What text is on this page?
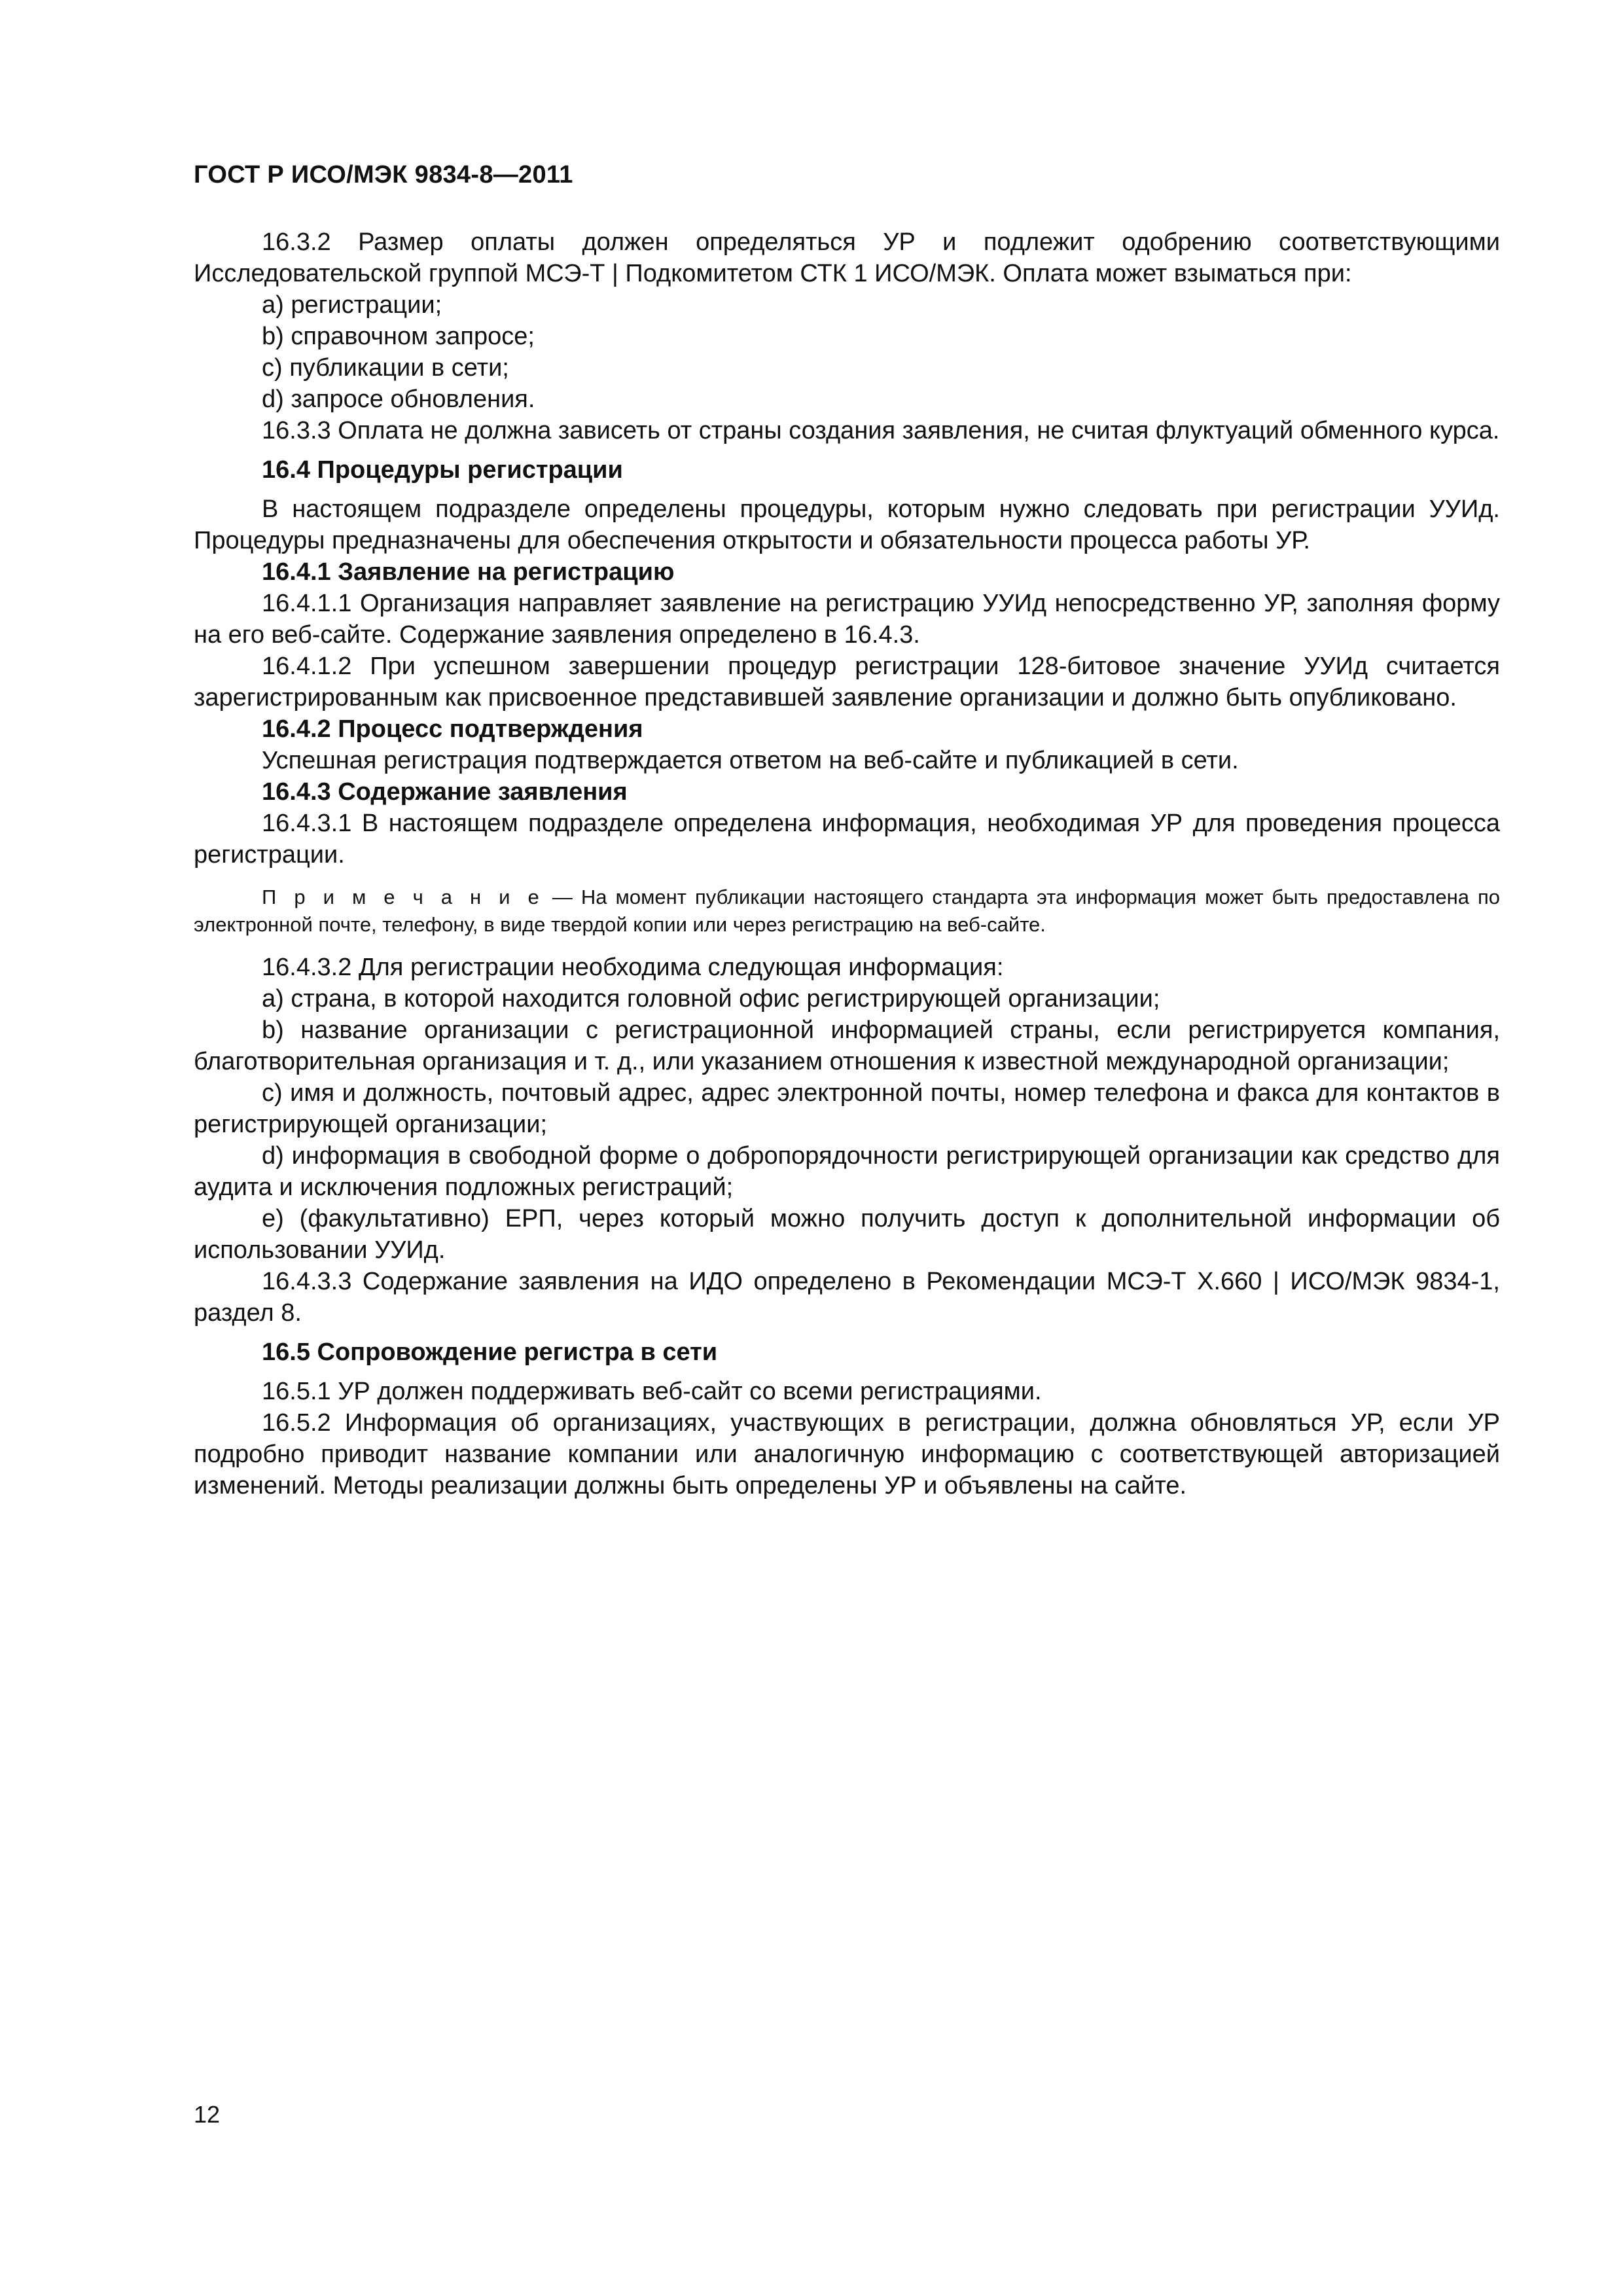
ГОСТ Р ИСО/МЭК 9834-8—2011

16.3.2 Размер оплаты должен определяться УР и подлежит одобрению соответствующими Исследовательской группой МСЭ-Т | Подкомитетом СТК 1 ИСО/МЭК. Оплата может взыматься при:

a) регистрации;

b) справочном запросе;

c) публикации в сети;

d) запросе обновления.

16.3.3 Оплата не должна зависеть от страны создания заявления, не считая флуктуаций обменного курса.

16.4 Процедуры регистрации

В настоящем подразделе определены процедуры, которым нужно следовать при регистрации УУИд. Процедуры предназначены для обеспечения открытости и обязательности процесса работы УР.

16.4.1 Заявление на регистрацию

16.4.1.1 Организация направляет заявление на регистрацию УУИд непосредственно УР, заполняя форму на его веб-сайте. Содержание заявления определено в 16.4.3.

16.4.1.2 При успешном завершении процедур регистрации 128-битовое значение УУИд считается зарегистрированным как присвоенное представившей заявление организации и должно быть опубликовано.

16.4.2 Процесс подтверждения

Успешная регистрация подтверждается ответом на веб-сайте и публикацией в сети.

16.4.3 Содержание заявления

16.4.3.1 В настоящем подразделе определена информация, необходимая УР для проведения процесса регистрации.

П р и м е ч а н и е — На момент публикации настоящего стандарта эта информация может быть предоставлена по электронной почте, телефону, в виде твердой копии или через регистрацию на веб-сайте.

16.4.3.2 Для регистрации необходима следующая информация:

a) страна, в которой находится головной офис регистрирующей организации;

b) название организации с регистрационной информацией страны, если регистрируется компания, благотворительная организация и т. д., или указанием отношения к известной международной организации;

c) имя и должность, почтовый адрес, адрес электронной почты, номер телефона и факса для контактов в регистрирующей организации;

d) информация в свободной форме о добропорядочности регистрирующей организации как средство для аудита и исключения подложных регистраций;

e) (факультативно) ЕРП, через который можно получить доступ к дополнительной информации об использовании УУИд.

16.4.3.3 Содержание заявления на ИДО определено в Рекомендации МСЭ-Т X.660 | ИСО/МЭК 9834-1, раздел 8.

16.5 Сопровождение регистра в сети

16.5.1 УР должен поддерживать веб-сайт со всеми регистрациями.

16.5.2 Информация об организациях, участвующих в регистрации, должна обновляться УР, если УР подробно приводит название компании или аналогичную информацию с соответствующей авторизацией изменений. Методы реализации должны быть определены УР и объявлены на сайте.

12
